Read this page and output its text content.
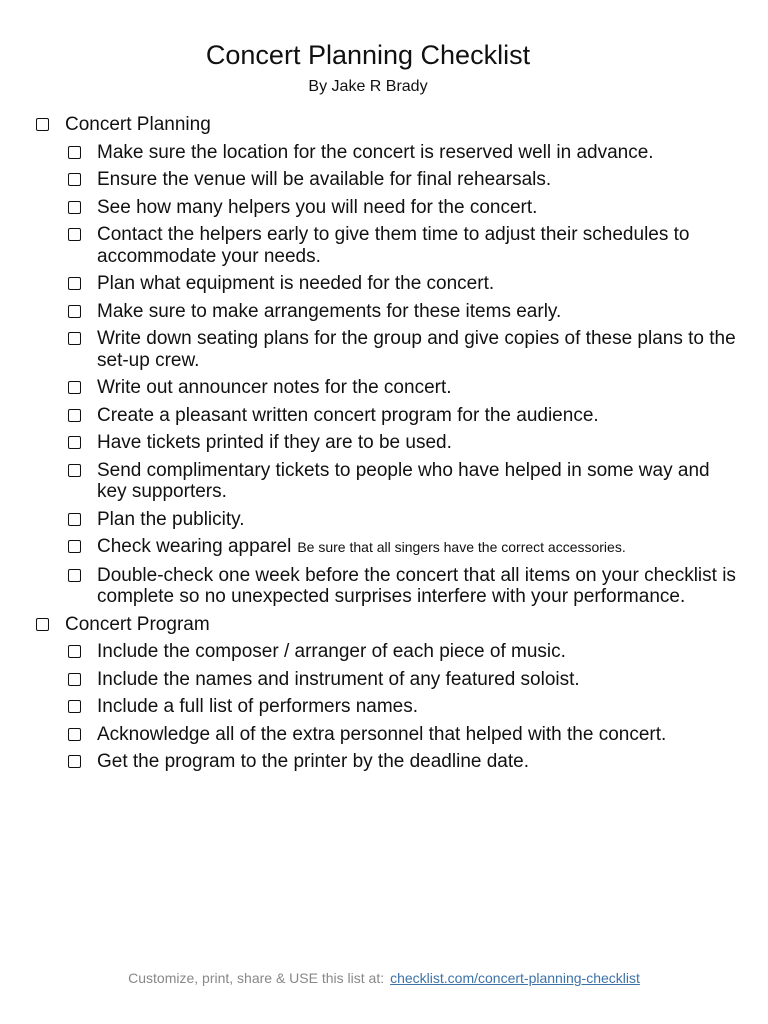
Concert Planning Checklist
By Jake R Brady
Concert Planning
Make sure the location for the concert is reserved well in advance.
Ensure the venue will be available for final rehearsals.
See how many helpers you will need for the concert.
Contact the helpers early to give them time to adjust their schedules to accommodate your needs.
Plan what equipment is needed for the concert.
Make sure to make arrangements for these items early.
Write down seating plans for the group and give copies of these plans to the set-up crew.
Write out announcer notes for the concert.
Create a pleasant written concert program for the audience.
Have tickets printed if they are to be used.
Send complimentary tickets to people who have helped in some way and key supporters.
Plan the publicity.
Check wearing apparel Be sure that all singers have the correct accessories.
Double-check one week before the concert that all items on your checklist is complete so no unexpected surprises interfere with your performance.
Concert Program
Include the composer / arranger of each piece of music.
Include the names and instrument of any featured soloist.
Include a full list of performers names.
Acknowledge all of the extra personnel that helped with the concert.
Get the program to the printer by the deadline date.
Customize, print, share & USE this list at: checklist.com/concert-planning-checklist
